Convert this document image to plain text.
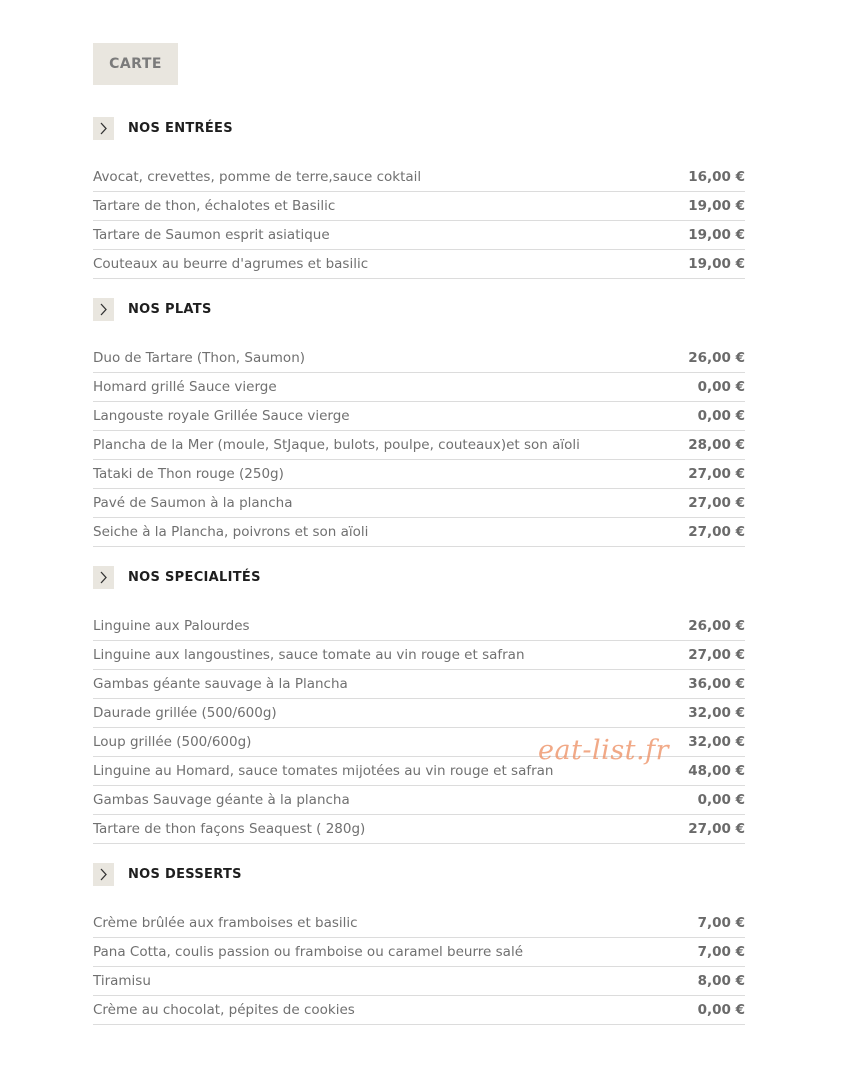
CARTE
NOS ENTRÉES
Avocat, crevettes, pomme de terre,sauce coktail	16,00 €
Tartare de thon, échalotes et Basilic	19,00 €
Tartare de Saumon esprit asiatique	19,00 €
Couteaux au beurre d'agrumes et basilic	19,00 €
NOS PLATS
Duo de Tartare (Thon, Saumon)	26,00 €
Homard grillé Sauce vierge	0,00 €
Langouste royale Grillée Sauce vierge	0,00 €
Plancha de la Mer (moule, StJaque, bulots, poulpe, couteaux)et son aïoli	28,00 €
Tataki de Thon rouge (250g)	27,00 €
Pavé de Saumon à la plancha	27,00 €
Seiche à la Plancha, poivrons et son aïoli	27,00 €
NOS SPECIALITÉS
Linguine aux Palourdes	26,00 €
Linguine aux langoustines, sauce tomate au vin rouge et safran	27,00 €
Gambas géante sauvage à la Plancha	36,00 €
Daurade grillée (500/600g)	32,00 €
Loup grillée (500/600g)	32,00 €
Linguine au Homard, sauce tomates mijotées au vin rouge et safran	48,00 €
Gambas Sauvage géante à la plancha	0,00 €
Tartare de thon façons Seaquest ( 280g)	27,00 €
NOS DESSERTS
Crème brûlée aux framboises et basilic	7,00 €
Pana Cotta, coulis passion ou framboise ou caramel beurre salé	7,00 €
Tiramisu	8,00 €
Crème au chocolat, pépites de cookies	0,00 €
eat-list.fr
